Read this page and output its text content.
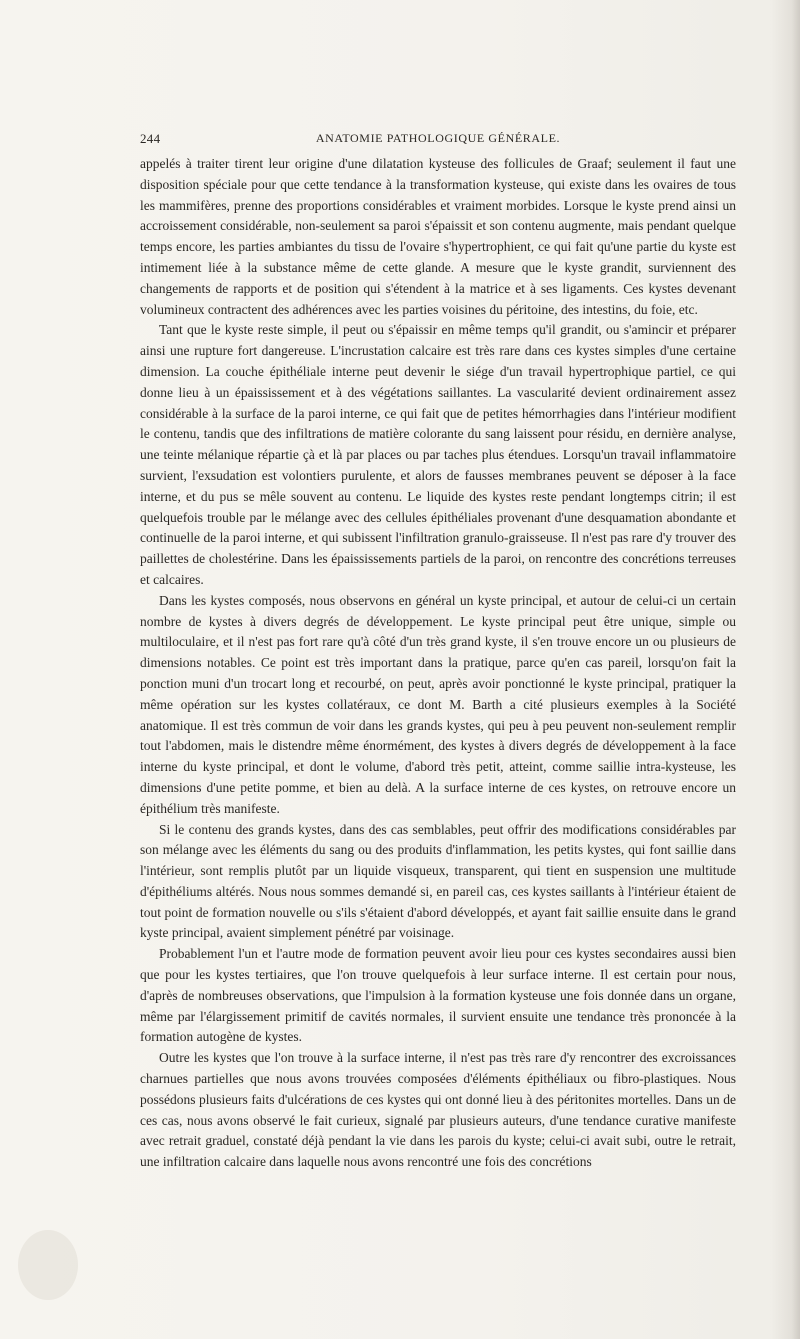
244	ANATOMIE PATHOLOGIQUE GÉNÉRALE.

appelés à traiter tirent leur origine d'une dilatation kysteuse des follicules de Graaf; seulement il faut une disposition spéciale pour que cette tendance à la transformation kysteuse, qui existe dans les ovaires de tous les mammifères, prenne des proportions considérables et vraiment morbides. Lorsque le kyste prend ainsi un accroissement considérable, non-seulement sa paroi s'épaissit et son contenu augmente, mais pendant quelque temps encore, les parties ambiantes du tissu de l'ovaire s'hypertrophient, ce qui fait qu'une partie du kyste est intimement liée à la substance même de cette glande. A mesure que le kyste grandit, surviennent des changements de rapports et de position qui s'étendent à la matrice et à ses ligaments. Ces kystes devenant volumineux contractent des adhérences avec les parties voisines du péritoine, des intestins, du foie, etc.

Tant que le kyste reste simple, il peut ou s'épaissir en même temps qu'il grandit, ou s'amincir et préparer ainsi une rupture fort dangereuse. L'incrustation calcaire est très rare dans ces kystes simples d'une certaine dimension. La couche épithéliale interne peut devenir le siége d'un travail hypertrophique partiel, ce qui donne lieu à un épaississement et à des végétations saillantes. La vascularité devient ordinairement assez considérable à la surface de la paroi interne, ce qui fait que de petites hémorrhagies dans l'intérieur modifient le contenu, tandis que des infiltrations de matière colorante du sang laissent pour résidu, en dernière analyse, une teinte mélanique répartie çà et là par places ou par taches plus étendues. Lorsqu'un travail inflammatoire survient, l'exsudation est volontiers purulente, et alors de fausses membranes peuvent se déposer à la face interne, et du pus se mêle souvent au contenu. Le liquide des kystes reste pendant longtemps citrin; il est quelquefois trouble par le mélange avec des cellules épithéliales provenant d'une desquamation abondante et continuelle de la paroi interne, et qui subissent l'infiltration granulo-graisseuse. Il n'est pas rare d'y trouver des paillettes de cholestérine. Dans les épaississements partiels de la paroi, on rencontre des concrétions terreuses et calcaires.

Dans les kystes composés, nous observons en général un kyste principal, et autour de celui-ci un certain nombre de kystes à divers degrés de développement. Le kyste principal peut être unique, simple ou multiloculaire, et il n'est pas fort rare qu'à côté d'un très grand kyste, il s'en trouve encore un ou plusieurs de dimensions notables. Ce point est très important dans la pratique, parce qu'en cas pareil, lorsqu'on fait la ponction muni d'un trocart long et recourbé, on peut, après avoir ponctionné le kyste principal, pratiquer la même opération sur les kystes collatéraux, ce dont M. Barth a cité plusieurs exemples à la Société anatomique. Il est très commun de voir dans les grands kystes, qui peu à peu peuvent non-seulement remplir tout l'abdomen, mais le distendre même énormément, des kystes à divers degrés de développement à la face interne du kyste principal, et dont le volume, d'abord très petit, atteint, comme saillie intra-kysteuse, les dimensions d'une petite pomme, et bien au delà. A la surface interne de ces kystes, on retrouve encore un épithélium très manifeste.

Si le contenu des grands kystes, dans des cas semblables, peut offrir des modifications considérables par son mélange avec les éléments du sang ou des produits d'inflammation, les petits kystes, qui font saillie dans l'intérieur, sont remplis plutôt par un liquide visqueux, transparent, qui tient en suspension une multitude d'épithéliums altérés. Nous nous sommes demandé si, en pareil cas, ces kystes saillants à l'intérieur étaient de tout point de formation nouvelle ou s'ils s'étaient d'abord développés, et ayant fait saillie ensuite dans le grand kyste principal, avaient simplement pénétré par voisinage.

Probablement l'un et l'autre mode de formation peuvent avoir lieu pour ces kystes secondaires aussi bien que pour les kystes tertiaires, que l'on trouve quelquefois à leur surface interne. Il est certain pour nous, d'après de nombreuses observations, que l'impulsion à la formation kysteuse une fois donnée dans un organe, même par l'élargissement primitif de cavités normales, il survient ensuite une tendance très prononcée à la formation autogène de kystes.

Outre les kystes que l'on trouve à la surface interne, il n'est pas très rare d'y rencontrer des excroissances charnues partielles que nous avons trouvées composées d'éléments épithéliaux ou fibro-plastiques. Nous possédons plusieurs faits d'ulcérations de ces kystes qui ont donné lieu à des péritonites mortelles. Dans un de ces cas, nous avons observé le fait curieux, signalé par plusieurs auteurs, d'une tendance curative manifeste avec retrait graduel, constaté déjà pendant la vie dans les parois du kyste; celui-ci avait subi, outre le retrait, une infiltration calcaire dans laquelle nous avons rencontré une fois des concrétions
